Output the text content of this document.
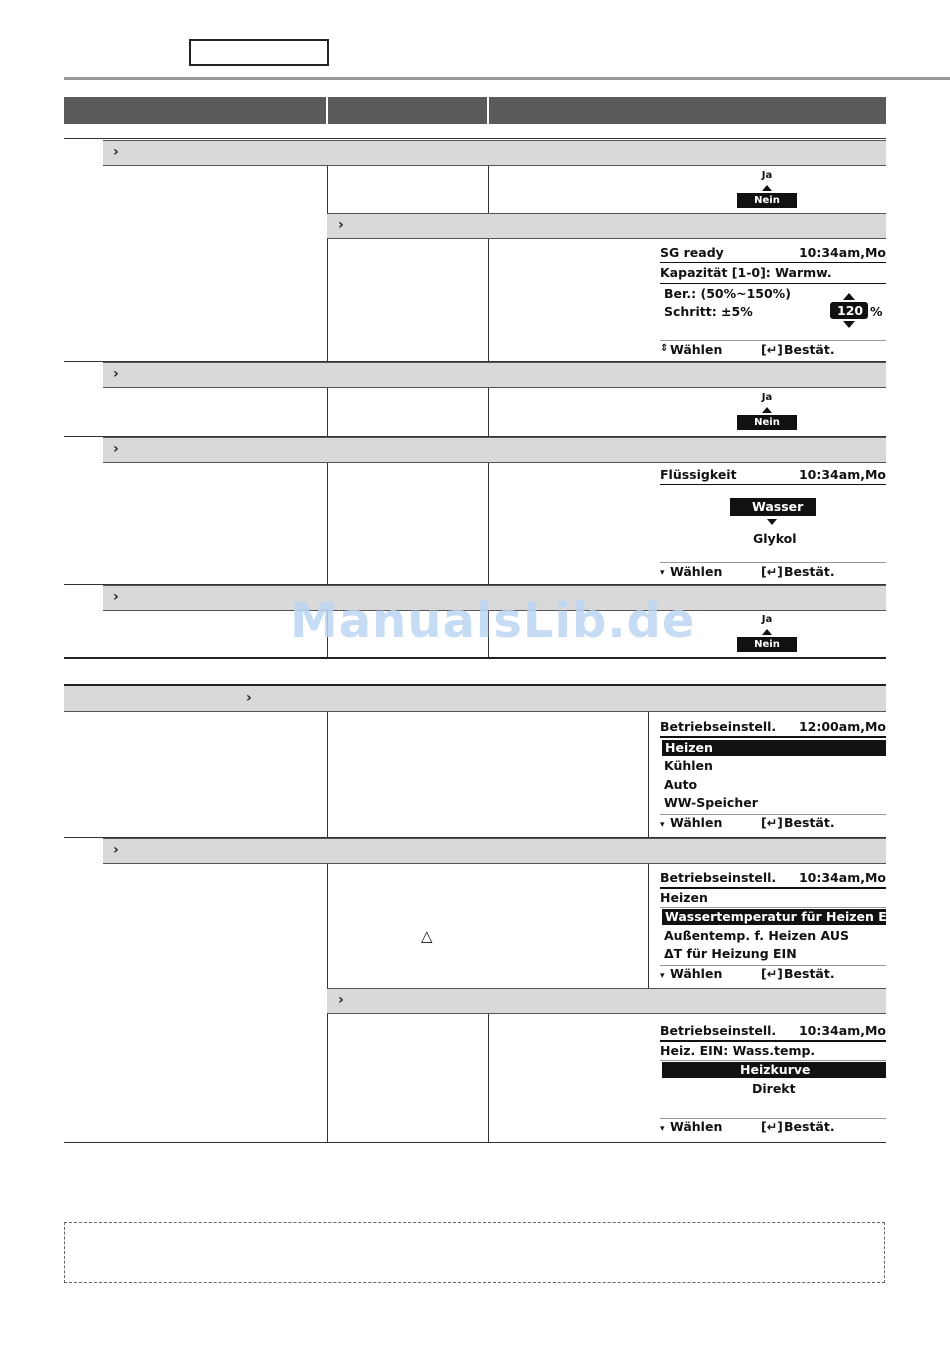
›
Ja
Nein
›
SG ready	10:34am,Mo
Kapazität [1-0]: Warmw.
Ber.: (50%~150%)
Schritt: ±5%	120 %
⇕ Wählen	[↵] Bestät.
›
Ja
Nein
›
Flüssigkeit	10:34am,Mo
Wasser
Glykol
▾ Wählen	[↵] Bestät.
›
Ja
Nein
›
Betriebseinstell. 12:00am,Mo
Heizen
Kühlen
Auto
WW-Speicher
▾ Wählen	[↵] Bestät.
›
△
Betriebseinstell. 10:34am,Mo
Heizen
Wassertemperatur für Heizen EIN
Außentemp. f. Heizen AUS
ΔT für Heizung EIN
▾ Wählen	[↵] Bestät.
›
Betriebseinstell. 10:34am,Mo
Heiz. EIN: Wass.temp.
Heizkurve
Direkt
▾ Wählen	[↵] Bestät.
ManualsLib.de
